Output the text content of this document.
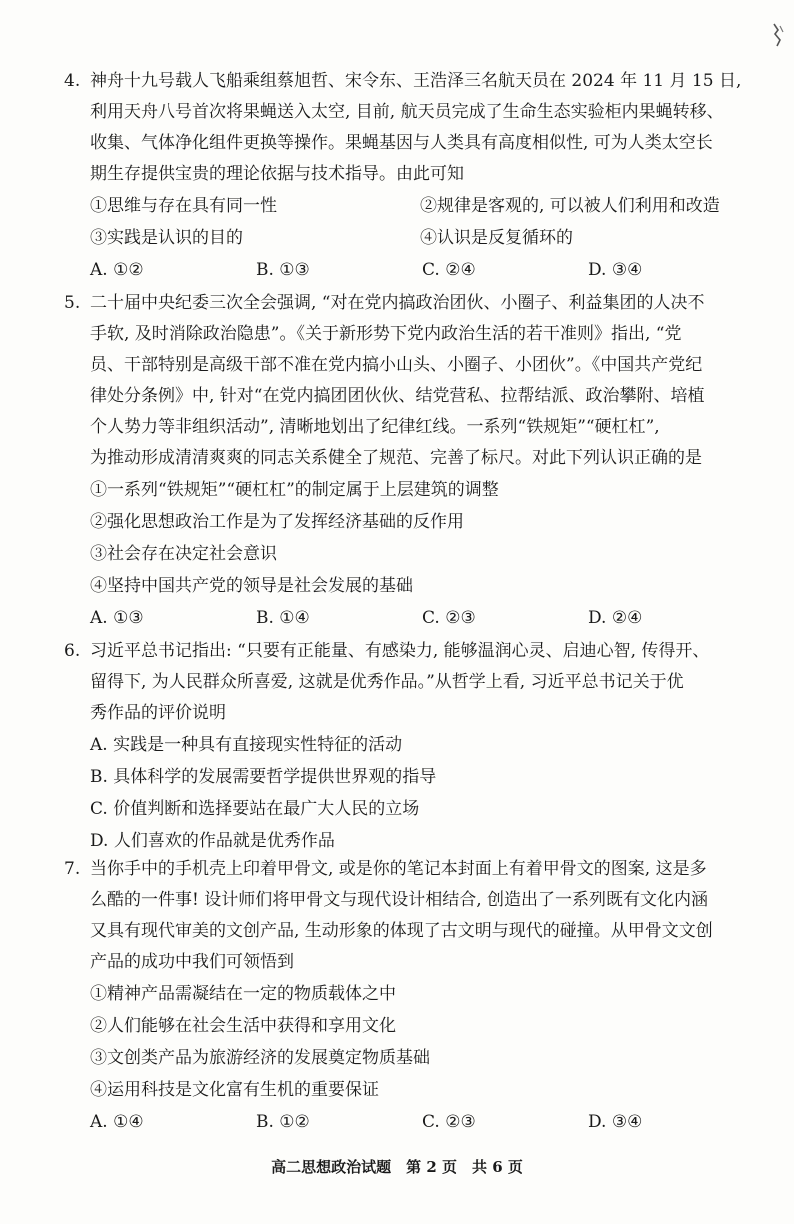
4. 神舟十九号载人飞船乘组蔡旭哲、宋令东、王浩泽三名航天员在 2024 年 11 月 15 日,
利用天舟八号首次将果蝇送入太空, 目前, 航天员完成了生命生态实验柜内果蝇转移、
收集、气体净化组件更换等操作。果蝇基因与人类具有高度相似性, 可为人类太空长
期生存提供宝贵的理论依据与技术指导。由此可知
①思维与存在具有同一性	②规律是客观的, 可以被人们利用和改造
③实践是认识的目的	④认识是反复循环的
A. ①②	B. ①③	C. ②④	D. ③④
5. 二十届中央纪委三次全会强调, “对在党内搞政治团伙、小圈子、利益集团的人决不
手软, 及时消除政治隐患”。《关于新形势下党内政治生活的若干准则》指出, “党
员、干部特别是高级干部不准在党内搞小山头、小圈子、小团伙”。《中国共产党纪
律处分条例》中, 针对“在党内搞团团伙伙、结党营私、拉帮结派、政治攀附、培植
个人势力等非组织活动”, 清晰地划出了纪律红线。一系列“铁规矩”“硬杠杠”,
为推动形成清清爽爽的同志关系健全了规范、完善了标尺。对此下列认识正确的是
①一系列“铁规矩”“硬杠杠”的制定属于上层建筑的调整
②强化思想政治工作是为了发挥经济基础的反作用
③社会存在决定社会意识
④坚持中国共产党的领导是社会发展的基础
A. ①③	B. ①④	C. ②③	D. ②④
6. 习近平总书记指出: “只要有正能量、有感染力, 能够温润心灵、启迪心智, 传得开、
留得下, 为人民群众所喜爱, 这就是优秀作品。”从哲学上看, 习近平总书记关于优
秀作品的评价说明
A. 实践是一种具有直接现实性特征的活动
B. 具体科学的发展需要哲学提供世界观的指导
C. 价值判断和选择要站在最广大人民的立场
D. 人们喜欢的作品就是优秀作品
7. 当你手中的手机壳上印着甲骨文, 或是你的笔记本封面上有着甲骨文的图案, 这是多
么酷的一件事! 设计师们将甲骨文与现代设计相结合, 创造出了一系列既有文化内涵
又具有现代审美的文创产品, 生动形象的体现了古文明与现代的碰撞。从甲骨文文创
产品的成功中我们可领悟到
①精神产品需凝结在一定的物质载体之中
②人们能够在社会生活中获得和享用文化
③文创类产品为旅游经济的发展奠定物质基础
④运用科技是文化富有生机的重要保证
A. ①④	B. ①②	C. ②③	D. ③④
高二思想政治试题　第 2 页　共 6 页
